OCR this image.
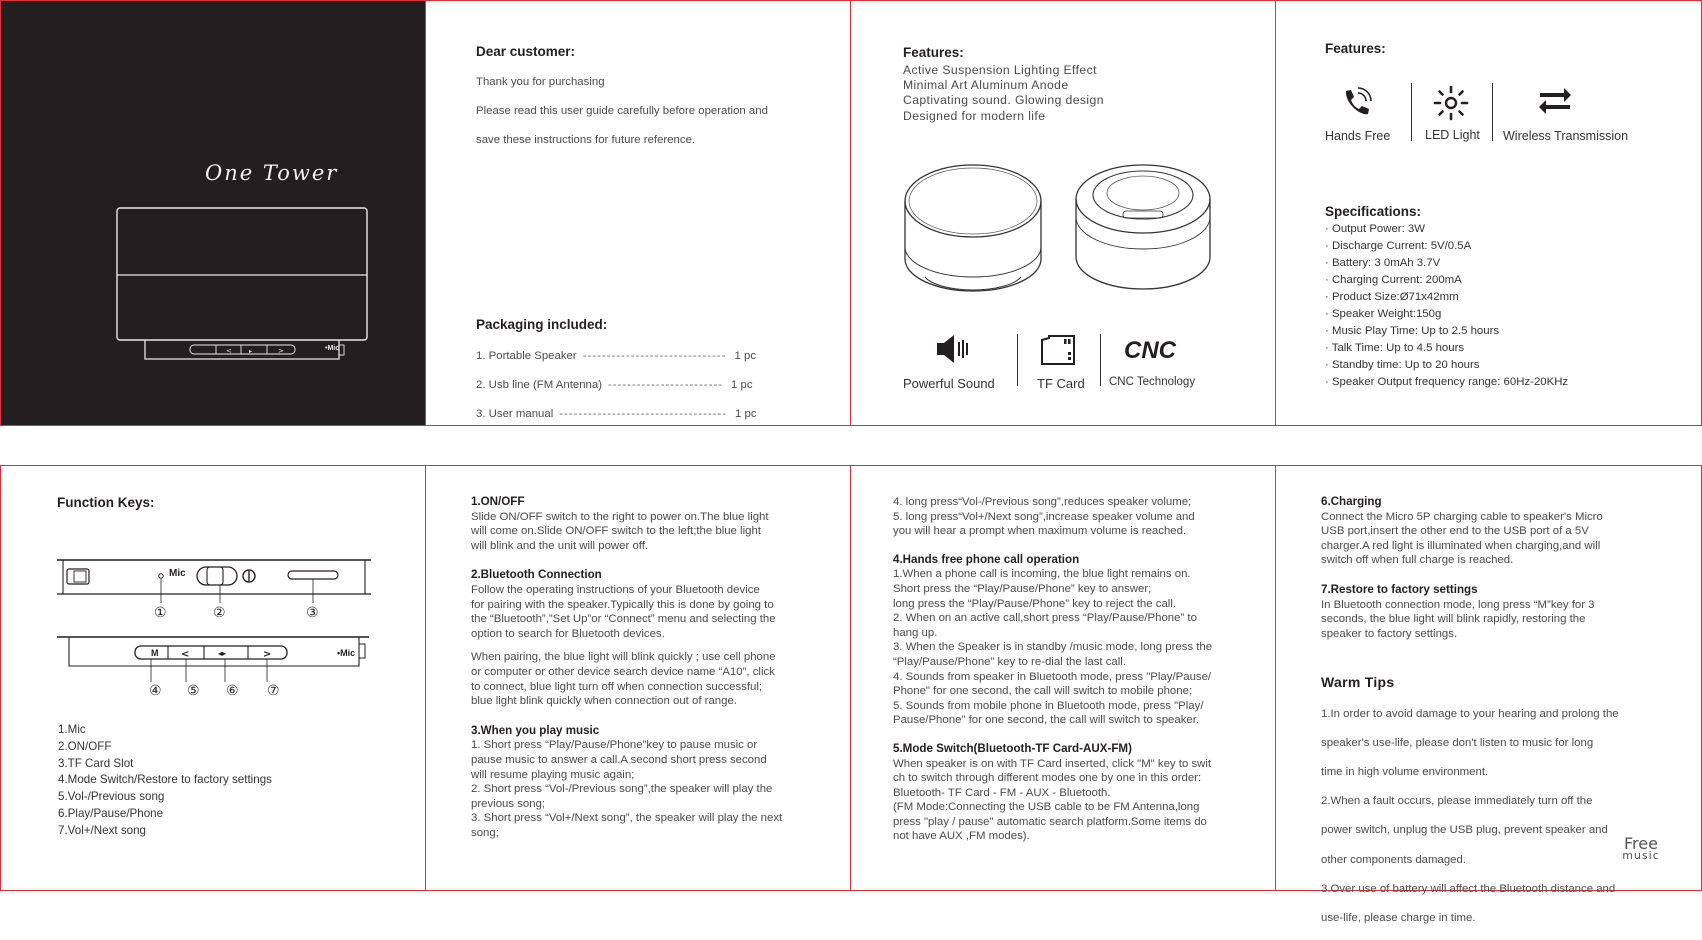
One Tower
<	>
▸	•Mic
Dear customer:

Thank you for purchasing

Please read this user guide carefully before operation and

save these instructions for future reference.

Packaging included:

1. Portable Speaker ------------------------------ 1 pc

2. Usb line (FM Antenna) ------------------------ 1 pc

3. User manual ----------------------------------- 1 pc

Features:
Active Suspension Lighting Effect
Minimal Art Aluminum Anode
Captivating sound. Glowing design
Designed for modern life
Powerful Sound	TF Card
CNC
CNC Technology
Features:
Hands Free	LED Light Wireless Transmission
Specifications:
· Output Power: 3W
· Discharge Current: 5V/0.5A
· Battery: 3 0mAh 3.7V
· Charging Current: 200mA
· Product Size:Ø71x42mm
· Speaker Weight:150g
· Music Play Time: Up to 2.5 hours
· Talk Time: Up to 4.5 hours
· Standby time: Up to 20 hours
· Speaker Output frequency range: 60Hz-20KHz
Function Keys:
Mic
①	②	③
<	◂▸	>
M	•Mic
④ ⑤ ⑥ ⑦
1.Mic
2.ON/OFF
3.TF Card Slot
4.Mode Switch/Restore to factory settings
5.Vol-/Previous song
6.Play/Pause/Phone
7.Vol+/Next song
1.ON/OFF
Slide ON/OFF switch to the right to power on.The blue light
will come on.Slide ON/OFF switch to the left;the blue light
will blink and the unit will power off.
2.Bluetooth Connection
Follow the operating instructions of your Bluetooth device
for pairing with the speaker.Typically this is done by going to
the “Bluetooth”,”Set Up”or “Connect” menu and selecting the
option to search for Bluetooth devices.
When pairing, the blue light will blink quickly ; use cell phone
or computer or other device search device name “A10”, click
to connect, blue light turn off when connection successful;
blue light blink quickly when connection out of range.
3.When you play music
1. Short press “Play/Pause/Phone”key to pause music or
pause music to answer a call.A second short press second
will resume playing music again;
2. Short press “Vol-/Previous song”,the speaker will play the
previous song;
3. Short press “Vol+/Next song”, the speaker will play the next
song;
4. long press“Vol-/Previous song”,reduces speaker volume;
5. long press“Vol+/Next song”,increase speaker volume and
you will hear a prompt when maximum volume is reached.
4.Hands free phone call operation
1.When a phone call is incoming, the blue light remains on.
Short press the “Play/Pause/Phone” key to answer;
long press the “Play/Pause/Phone” key to reject the call.
2. When on an active call,short press “Play/Pause/Phone” to
hang up.
3. When the Speaker is in standby /music mode, long press the
“Play/Pause/Phone” key to re-dial the last call.
4. Sounds from speaker in Bluetooth mode, press "Play/Pause/
Phone" for one second, the call will switch to mobile phone;
5. Sounds from mobile phone in Bluetooth mode, press "Play/
Pause/Phone" for one second, the call will switch to speaker.
5.Mode Switch(Bluetooth-TF Card-AUX-FM)
When speaker is on with TF Card inserted, click "M" key to swit
ch to switch through different modes one by one in this order:
Bluetooth- TF Card - FM - AUX - Bluetooth.
(FM Mode:Connecting the USB cable to be FM Antenna,long
press "play / pause" automatic search platform.Some items do
not have AUX ,FM modes).
6.Charging
Connect the Micro 5P charging cable to speaker's Micro
USB port,insert the other end to the USB port of a 5V
charger.A red light is illuminated when charging,and will
switch off when full charge is reached.
7.Restore to factory settings
In Bluetooth connection mode, long press “M”key for 3
seconds, the blue light will blink rapidly, restoring the
speaker to factory settings.
Warm Tips

1.In order to avoid damage to your hearing and prolong the

speaker's use-life, please don't listen to music for long

time in high volume environment.

2.When a fault occurs, please immediately turn off the

power switch, unplug the USB plug, prevent speaker and

other components damaged.

3.Over use of battery will affect the Bluetooth distance and

use-life, please charge in time.

Free
music
